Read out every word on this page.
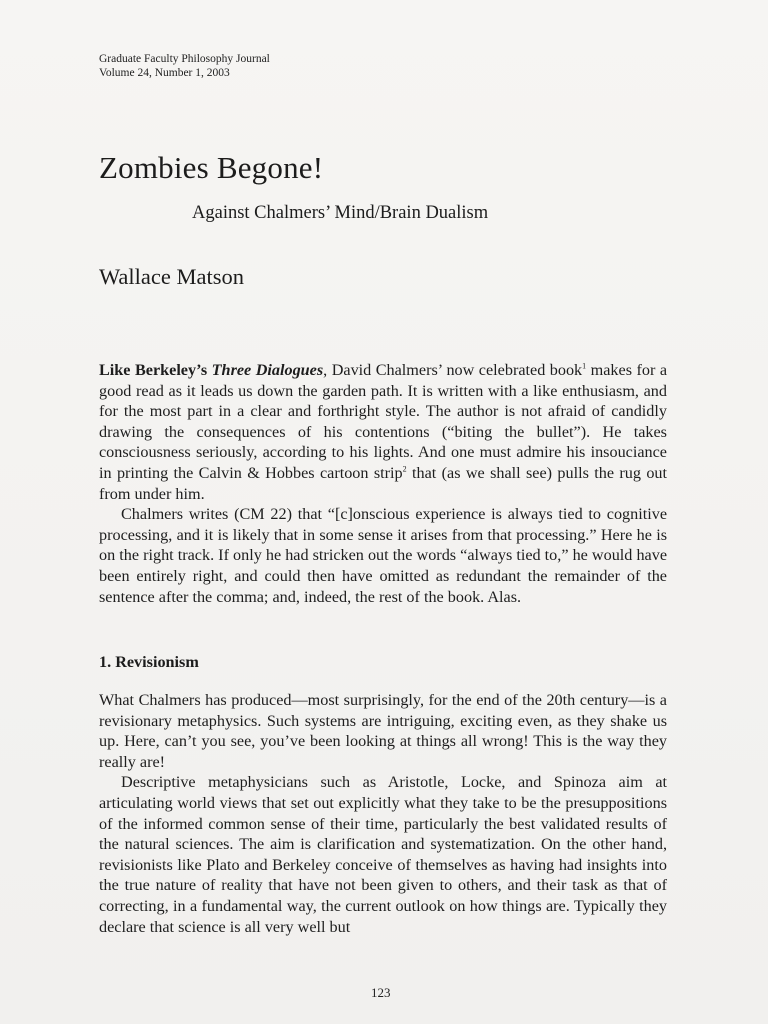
Graduate Faculty Philosophy Journal
Volume 24, Number 1, 2003
Zombies Begone!
Against Chalmers’ Mind/Brain Dualism
Wallace Matson

Like Berkeley’s Three Dialogues, David Chalmers’ now celebrated book$^1$ makes for a good read as it leads us down the garden path. It is written with a like enthusiasm, and for the most part in a clear and forthright style. The author is not afraid of candidly drawing the consequences of his contentions (“biting the bullet”). He takes consciousness seriously, according to his lights. And one must admire his insouciance in printing the Calvin & Hobbes cartoon strip$^2$ that (as we shall see) pulls the rug out from under him.

Chalmers writes (CM 22) that “[c]onscious experience is always tied to cognitive processing, and it is likely that in some sense it arises from that processing.” Here he is on the right track. If only he had stricken out the words “always tied to,” he would have been entirely right, and could then have omitted as redundant the remainder of the sentence after the comma; and, indeed, the rest of the book. Alas.

1. Revisionism

What Chalmers has produced—most surprisingly, for the end of the 20th century—is a revisionary metaphysics. Such systems are intriguing, exciting even, as they shake us up. Here, can’t you see, you’ve been looking at things all wrong! This is the way they really are!

Descriptive metaphysicians such as Aristotle, Locke, and Spinoza aim at articulating world views that set out explicitly what they take to be the presuppositions of the informed common sense of their time, particularly the best validated results of the natural sciences. The aim is clarification and systematization. On the other hand, revisionists like Plato and Berkeley conceive of themselves as having had insights into the true nature of reality that have not been given to others, and their task as that of correcting, in a fundamental way, the current outlook on how things are. Typically they declare that science is all very well but

123
